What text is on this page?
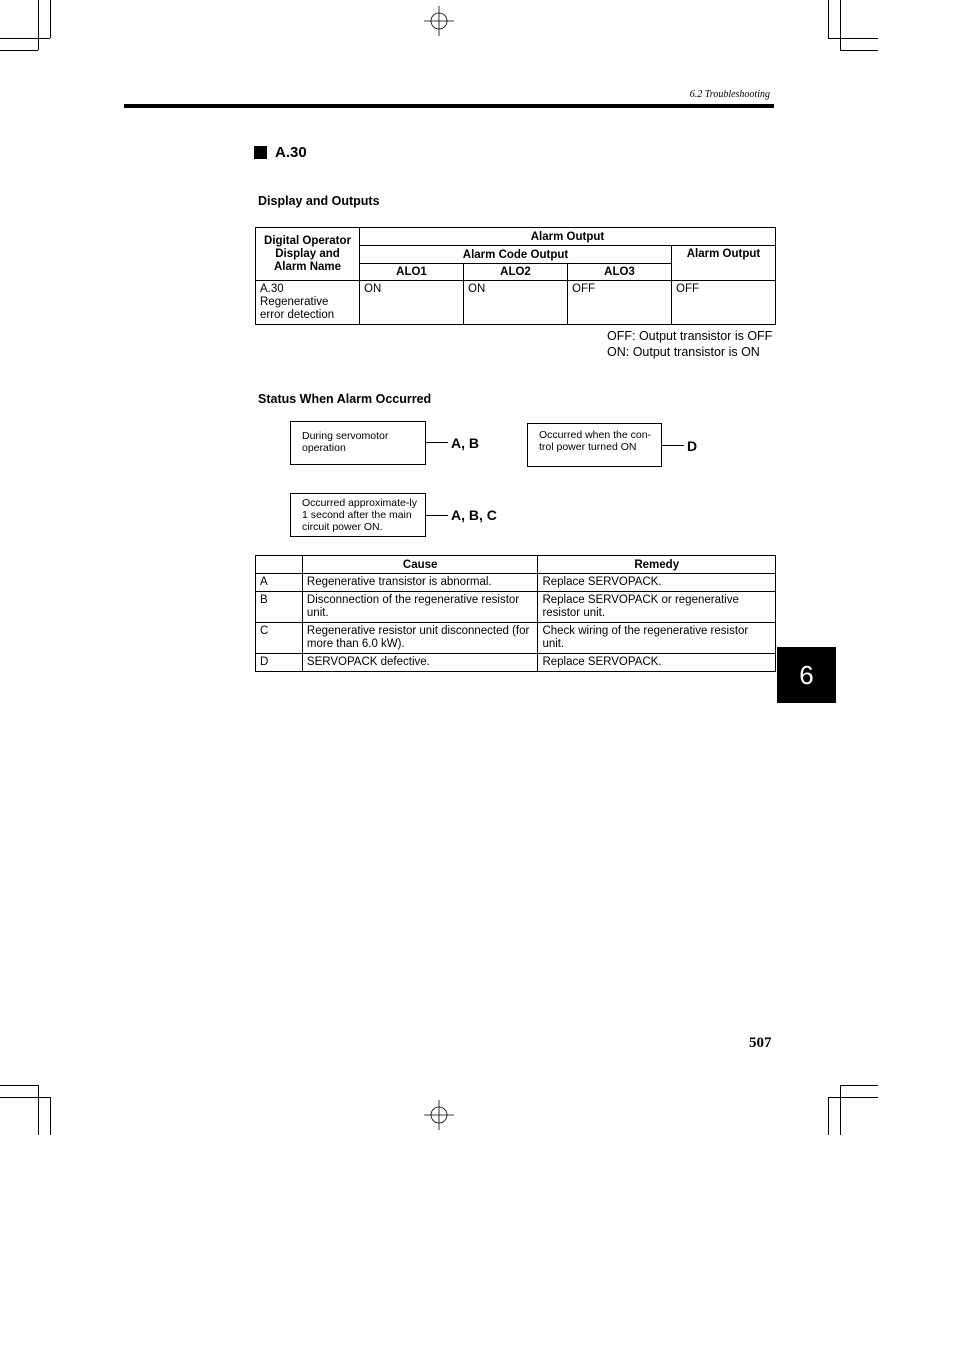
6.2 Troubleshooting
A.30
Display and Outputs
Digital Operator Display and Alarm Name	Alarm Output			
	Alarm Code Output			Alarm Output
	ALO1	ALO2	ALO3	
A.30 Regenerative error detection	ON	ON	OFF	OFF
OFF: Output transistor is OFF
ON: Output transistor is ON
Status When Alarm Occurred
During servomotor operation	A, B	Occurred when the con-trol power turned ON	D
Occurred approximate-ly 1 second after the main circuit power ON.
A, B, C
	Cause	Remedy
A	Regenerative transistor is abnormal.	Replace SERVOPACK.
B	Disconnection of the regenerative resistor unit.	Replace SERVOPACK or regenerative resistor unit.
C	Regenerative resistor unit disconnected (for more than 6.0 kW).	Check wiring of the regenerative resistor unit.
D	SERVOPACK defective.	Replace SERVOPACK.	6
507
